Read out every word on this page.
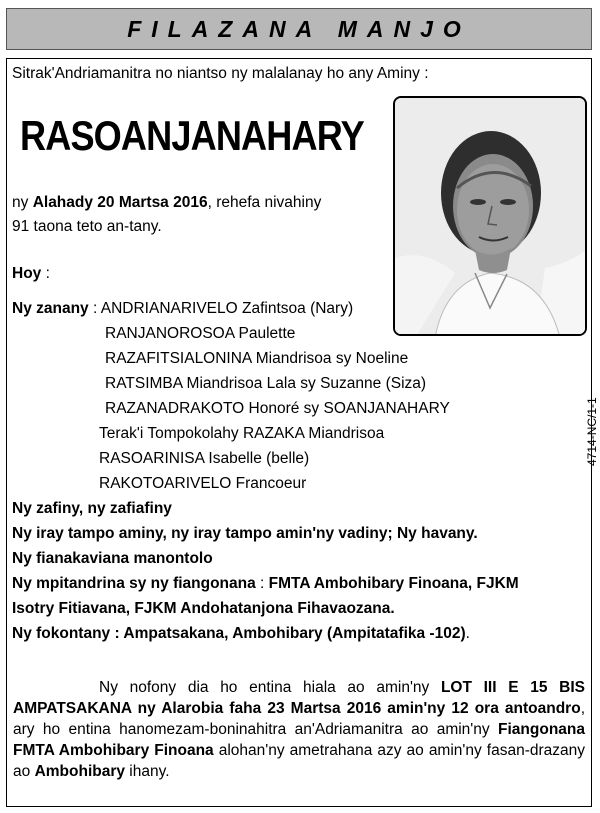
FILAZANA MANJO
Sitrak'Andriamanitra no niantso ny malalanay ho any Aminy :
RASOANJANAHARY
ny Alahady 20 Martsa 2016, rehefa nivahiny
91 taona teto an-tany.
Hoy :
Ny zanany : ANDRIANARIVELO Zafintsoa (Nary)
RANJANOROSOA Paulette
RAZAFITSIALONINA Miandrisoa sy Noeline
RATSIMBA Miandrisoa Lala sy Suzanne (Siza)
RAZANADRAKOTO Honoré sy SOANJANAHARY
Terak'i Tompokolahy RAZAKA Miandrisoa
RASOARINISA Isabelle (belle)
RAKOTOARIVELO Francoeur
Ny zafiny, ny zafiafiny
Ny iray tampo aminy, ny iray tampo amin'ny vadiny; Ny havany.
Ny fianakaviana manontolo
Ny mpitandrina sy ny fiangonana : FMTA Ambohibary Finoana, FJKM
Isotry Fitiavana, FJKM Andohatanjona Fihavaozana.
Ny fokontany : Ampatsakana, Ambohibary (Ampitatafika -102).
Ny nofony dia ho entina hiala ao amin'ny LOT III E 15 BIS AMPATSAKANA ny Alarobia faha 23 Martsa 2016 amin'ny 12 ora antoandro, ary ho entina hanomezam-boninahitra an'Adriamanitra ao amin'ny Fiangonana FMTA Ambohibary Finoana alohan'ny ametrahana azy ao amin'ny fasan-drazany ao Ambohibary ihany.
4714-NC/1-1
